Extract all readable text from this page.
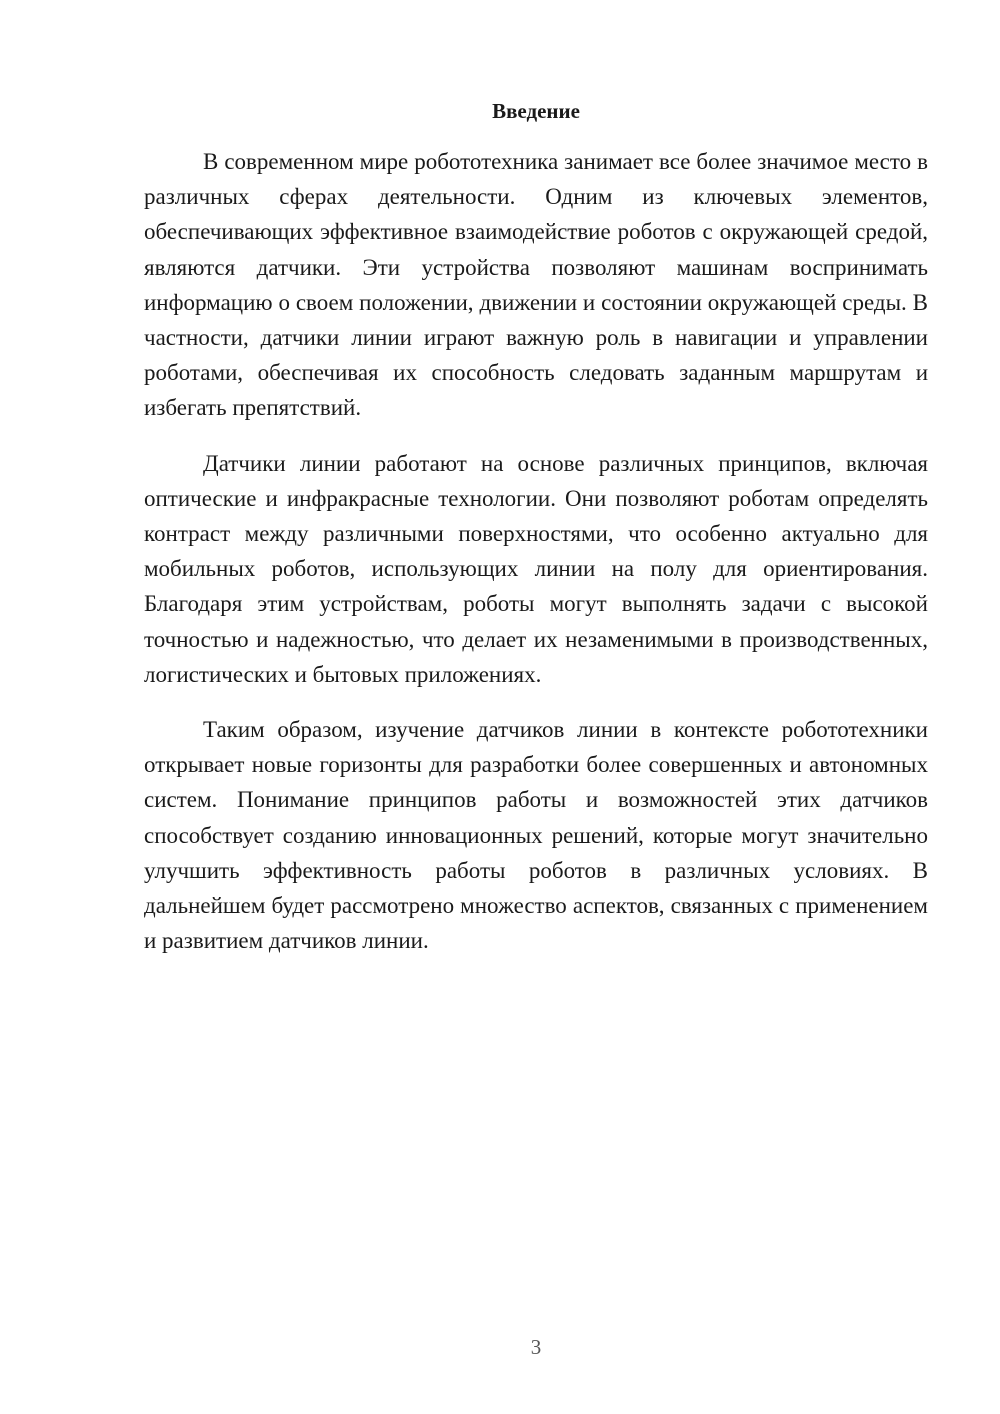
Введение

В современном мире робототехника занимает все более значимое место в различных сферах деятельности. Одним из ключевых элементов, обеспечивающих эффективное взаимодействие роботов с окружающей средой, являются датчики. Эти устройства позволяют машинам воспринимать информацию о своем положении, движении и состоянии окружающей среды. В частности, датчики линии играют важную роль в навигации и управлении роботами, обеспечивая их способность следовать заданным маршрутам и избегать препятствий.

Датчики линии работают на основе различных принципов, включая оптические и инфракрасные технологии. Они позволяют роботам определять контраст между различными поверхностями, что особенно актуально для мобильных роботов, использующих линии на полу для ориентирования. Благодаря этим устройствам, роботы могут выполнять задачи с высокой точностью и надежностью, что делает их незаменимыми в производственных, логистических и бытовых приложениях.

Таким образом, изучение датчиков линии в контексте робототехники открывает новые горизонты для разработки более совершенных и автономных систем. Понимание принципов работы и возможностей этих датчиков способствует созданию инновационных решений, которые могут значительно улучшить эффективность работы роботов в различных условиях. В дальнейшем будет рассмотрено множество аспектов, связанных с применением и развитием датчиков линии.

3
